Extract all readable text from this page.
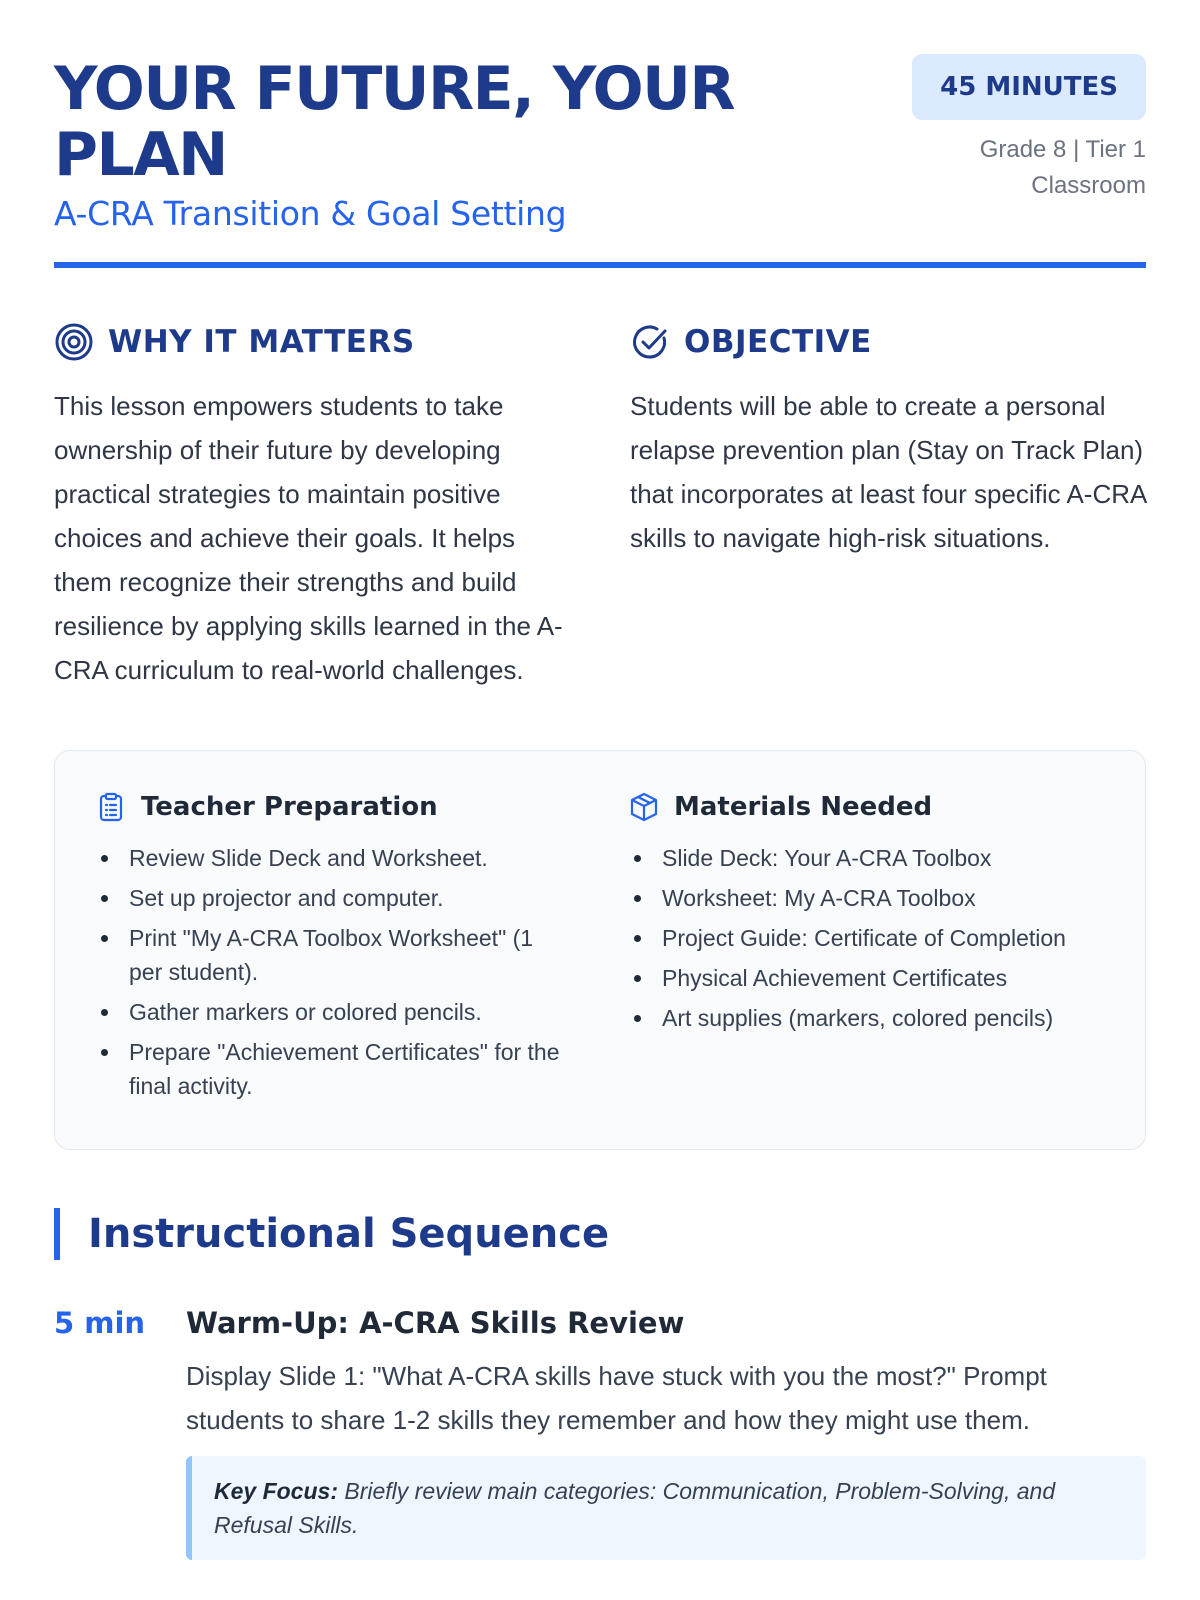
YOUR FUTURE, YOUR PLAN
A-CRA Transition & Goal Setting
45 MINUTES
Grade 8 | Tier 1 Classroom
WHY IT MATTERS

This lesson empowers students to take ownership of their future by developing practical strategies to maintain positive choices and achieve their goals. It helps them recognize their strengths and build resilience by applying skills learned in the A-CRA curriculum to real-world challenges.

OBJECTIVE

Students will be able to create a personal relapse prevention plan (Stay on Track Plan) that incorporates at least four specific A-CRA skills to navigate high-risk situations.

Teacher Preparation
Review Slide Deck and Worksheet.
Set up projector and computer.
Print "My A-CRA Toolbox Worksheet" (1 per student).
Gather markers or colored pencils.
Prepare "Achievement Certificates" for the final activity.
Materials Needed
Slide Deck: Your A-CRA Toolbox
Worksheet: My A-CRA Toolbox
Project Guide: Certificate of Completion
Physical Achievement Certificates
Art supplies (markers, colored pencils)
Instructional Sequence
5 min	Warm-Up: A-CRA Skills Review

Display Slide 1: "What A-CRA skills have stuck with you the most?" Prompt students to share 1-2 skills they remember and how they might use them.

Key Focus: Briefly review main categories: Communication, Problem-Solving, and Refusal Skills.
